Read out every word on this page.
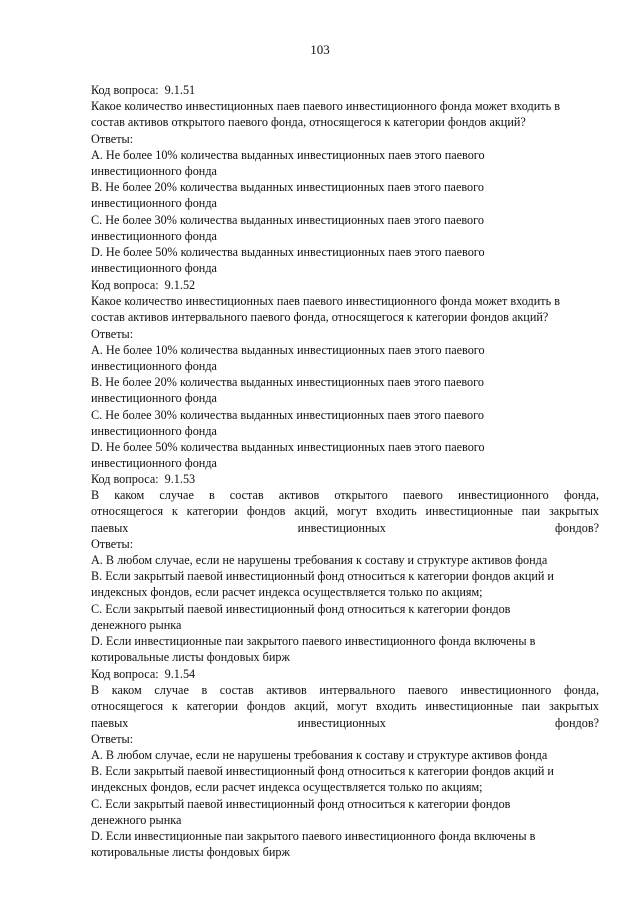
103

Код вопроса: 9.1.51

Какое количество инвестиционных паев паевого инвестиционного фонда может входить в

состав активов открытого паевого фонда, относящегося к категории фондов акций?

Ответы:

A. Не более 10% количества выданных инвестиционных паев этого паевого

инвестиционного фонда

B. Не более 20% количества выданных инвестиционных паев этого паевого

инвестиционного фонда

C. Не более 30% количества выданных инвестиционных паев этого паевого

инвестиционного фонда

D. Не более 50% количества выданных инвестиционных паев этого паевого

инвестиционного фонда

Код вопроса: 9.1.52

Какое количество инвестиционных паев паевого инвестиционного фонда может входить в

состав активов интервального паевого фонда, относящегося к категории фондов акций?

Ответы:

A. Не более 10% количества выданных инвестиционных паев этого паевого

инвестиционного фонда

B. Не более 20% количества выданных инвестиционных паев этого паевого

инвестиционного фонда

C. Не более 30% количества выданных инвестиционных паев этого паевого

инвестиционного фонда

D. Не более 50% количества выданных инвестиционных паев этого паевого

инвестиционного фонда

Код вопроса: 9.1.53

В каком случае в состав активов открытого паевого инвестиционного фонда,

относящегося к категории фондов акций, могут входить инвестиционные паи закрытых

паевых инвестиционных фондов?

Ответы:

A. В любом случае, если не нарушены требования к составу и структуре активов фонда

B. Если закрытый паевой инвестиционный фонд относиться к категории фондов акций и

индексных фондов, если расчет индекса осуществляется только по акциям;

C. Если закрытый паевой инвестиционный фонд относиться к категории фондов

денежного рынка

D. Если инвестиционные паи закрытого паевого инвестиционного фонда включены в

котировальные листы фондовых бирж

Код вопроса: 9.1.54

В каком случае в состав активов интервального паевого инвестиционного фонда,

относящегося к категории фондов акций, могут входить инвестиционные паи закрытых

паевых инвестиционных фондов?

Ответы:

A. В любом случае, если не нарушены требования к составу и структуре активов фонда

B. Если закрытый паевой инвестиционный фонд относиться к категории фондов акций и

индексных фондов, если расчет индекса осуществляется только по акциям;

C. Если закрытый паевой инвестиционный фонд относиться к категории фондов

денежного рынка

D. Если инвестиционные паи закрытого паевого инвестиционного фонда включены в

котировальные листы фондовых бирж
